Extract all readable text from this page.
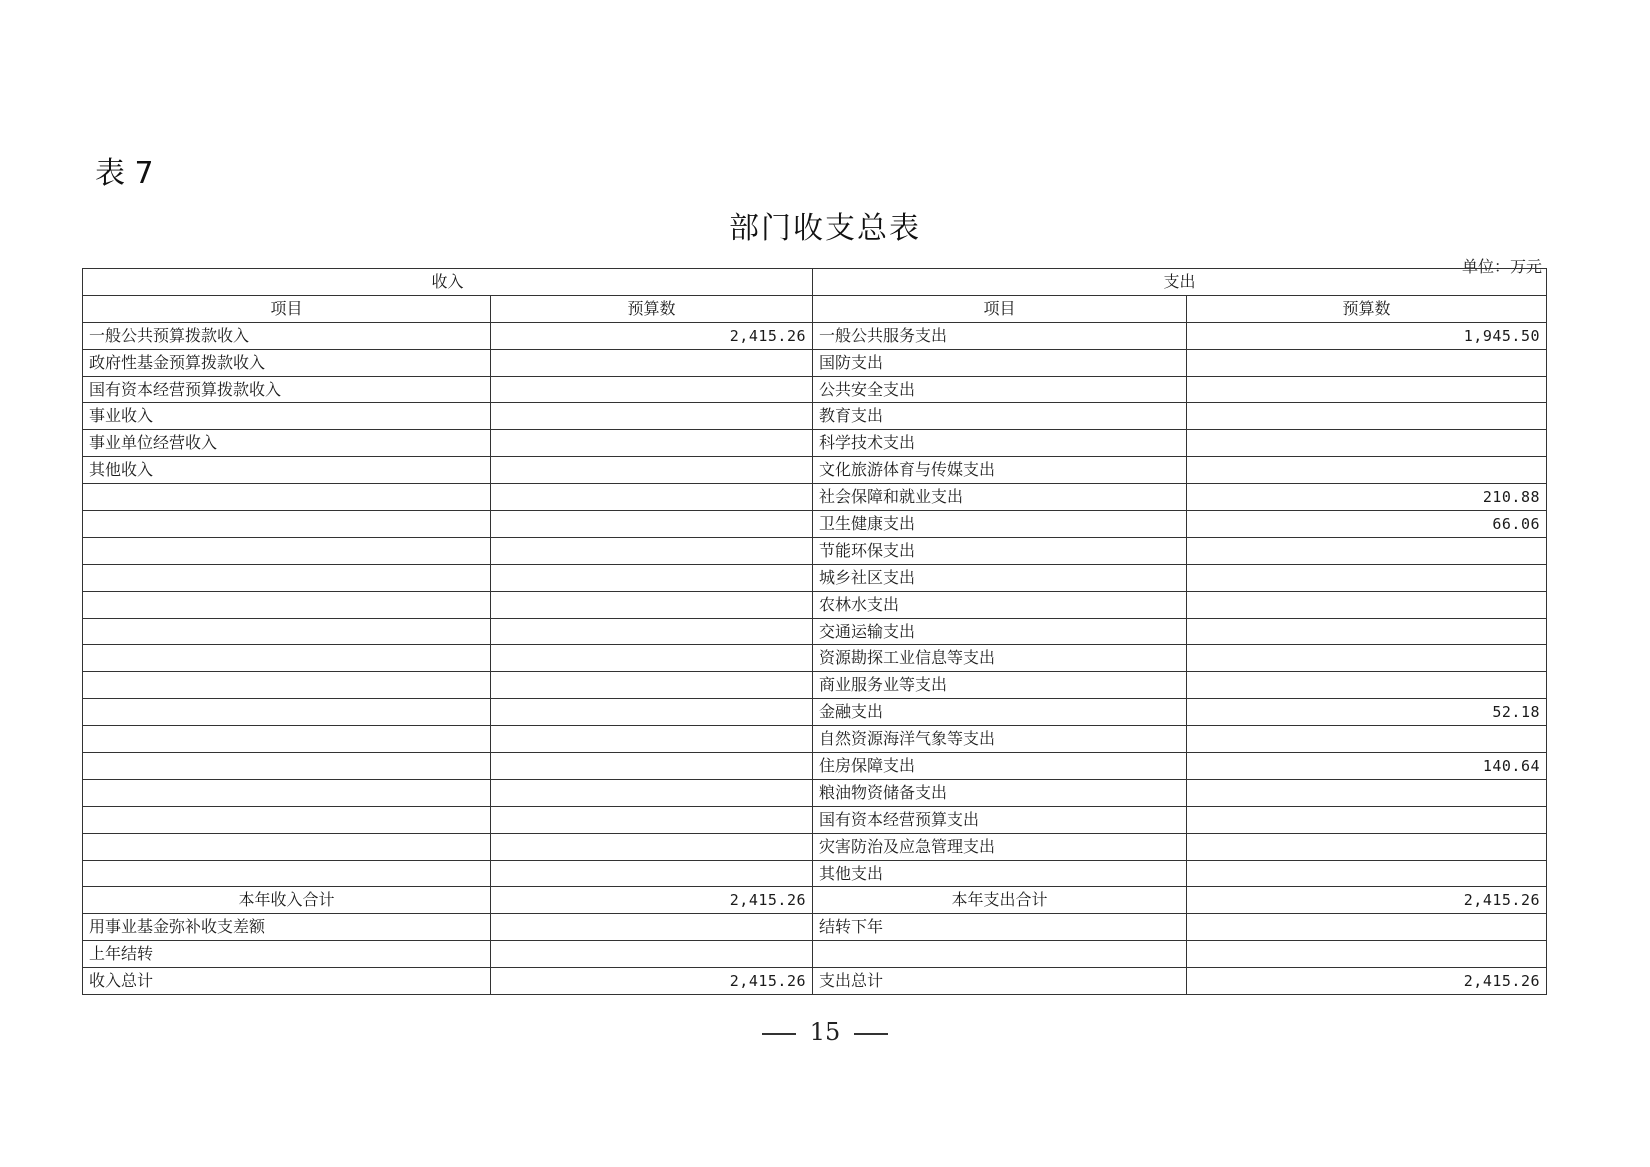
表 7
部门收支总表
单位：万元
收入		支出	
项目	预算数	项目	预算数
一般公共预算拨款收入	2,415.26	一般公共服务支出	1,945.50
政府性基金预算拨款收入		国防支出	
国有资本经营预算拨款收入		公共安全支出	
事业收入		教育支出	
事业单位经营收入		科学技术支出	
其他收入		文化旅游体育与传媒支出	
		社会保障和就业支出	210.88
		卫生健康支出	66.06
		节能环保支出	
		城乡社区支出	
		农林水支出	
		交通运输支出	
		资源勘探工业信息等支出	
		商业服务业等支出	
		金融支出	52.18
		自然资源海洋气象等支出	
		住房保障支出	140.64
		粮油物资储备支出	
		国有资本经营预算支出	
		灾害防治及应急管理支出	
		其他支出	
本年收入合计	2,415.26	本年支出合计	2,415.26
用事业基金弥补收支差额		结转下年	
上年结转			
收入总计	2,415.26	支出总计	2,415.26
15
